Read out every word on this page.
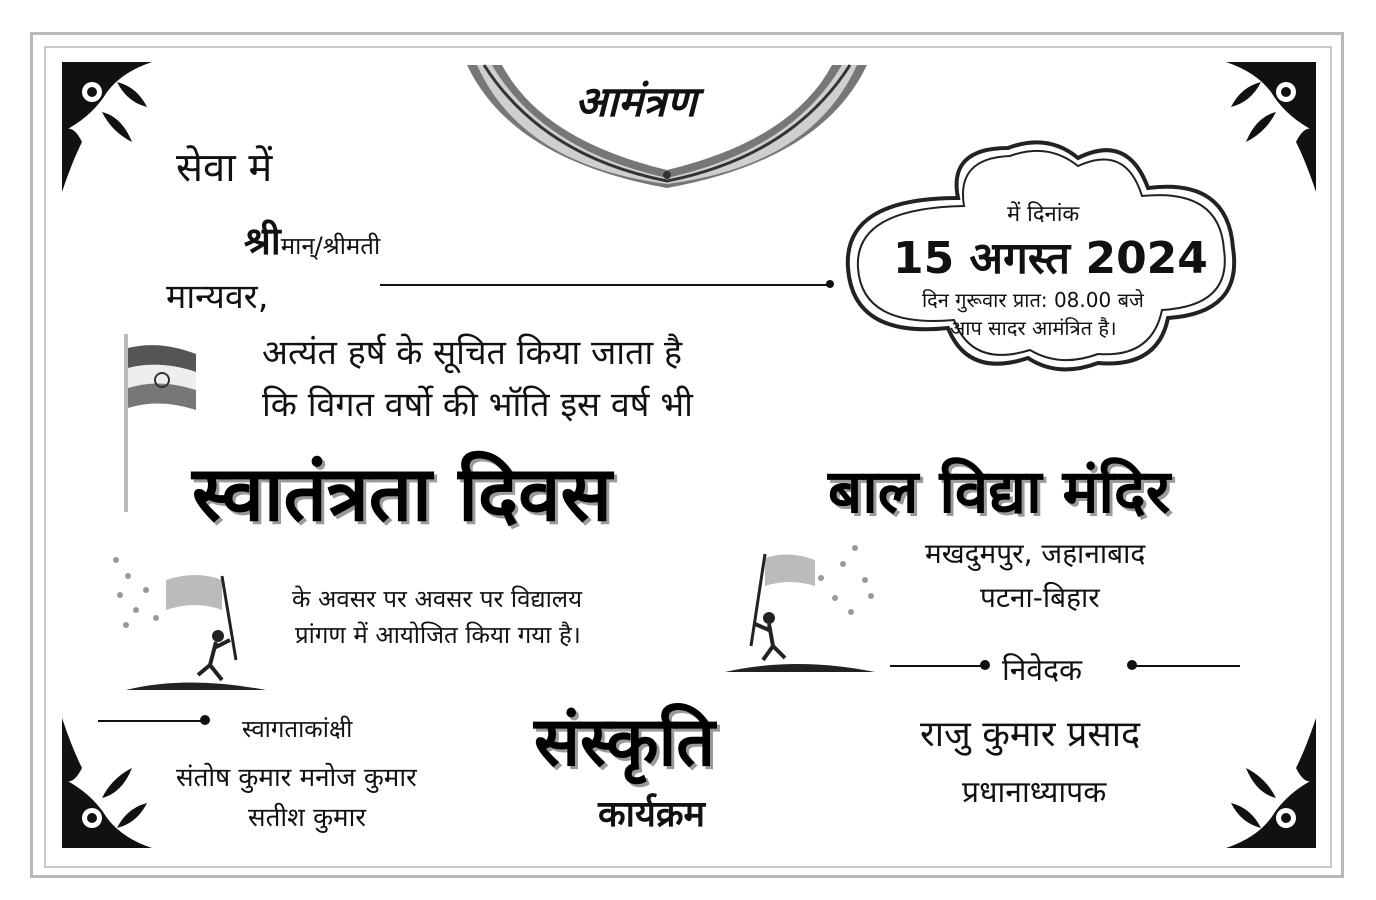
आमंत्रण
सेवा में
श्रीमान्/श्रीमती
मान्यवर,
में दिनांक
15 अगस्त 2024
दिन गुरूवार प्रात: 08.00 बजे
आप सादर आमंत्रित है।
अत्यंत हर्ष के सूचित किया जाता है
कि विगत वर्षो की भॉति इस वर्ष भी
स्वातंत्रता दिवस	बाल विद्या मंदिर
मखदुमपुर, जहानाबाद
पटना-बिहार
के अवसर पर अवसर पर विद्यालय
प्रांगण में आयोजित किया गया है।
निवेदक
राजु कुमार प्रसाद
प्रधानाध्यापक
स्वागताकांक्षी
संतोष कुमार मनोज कुमार
सतीश कुमार
संस्कृति
कार्यक्रम
